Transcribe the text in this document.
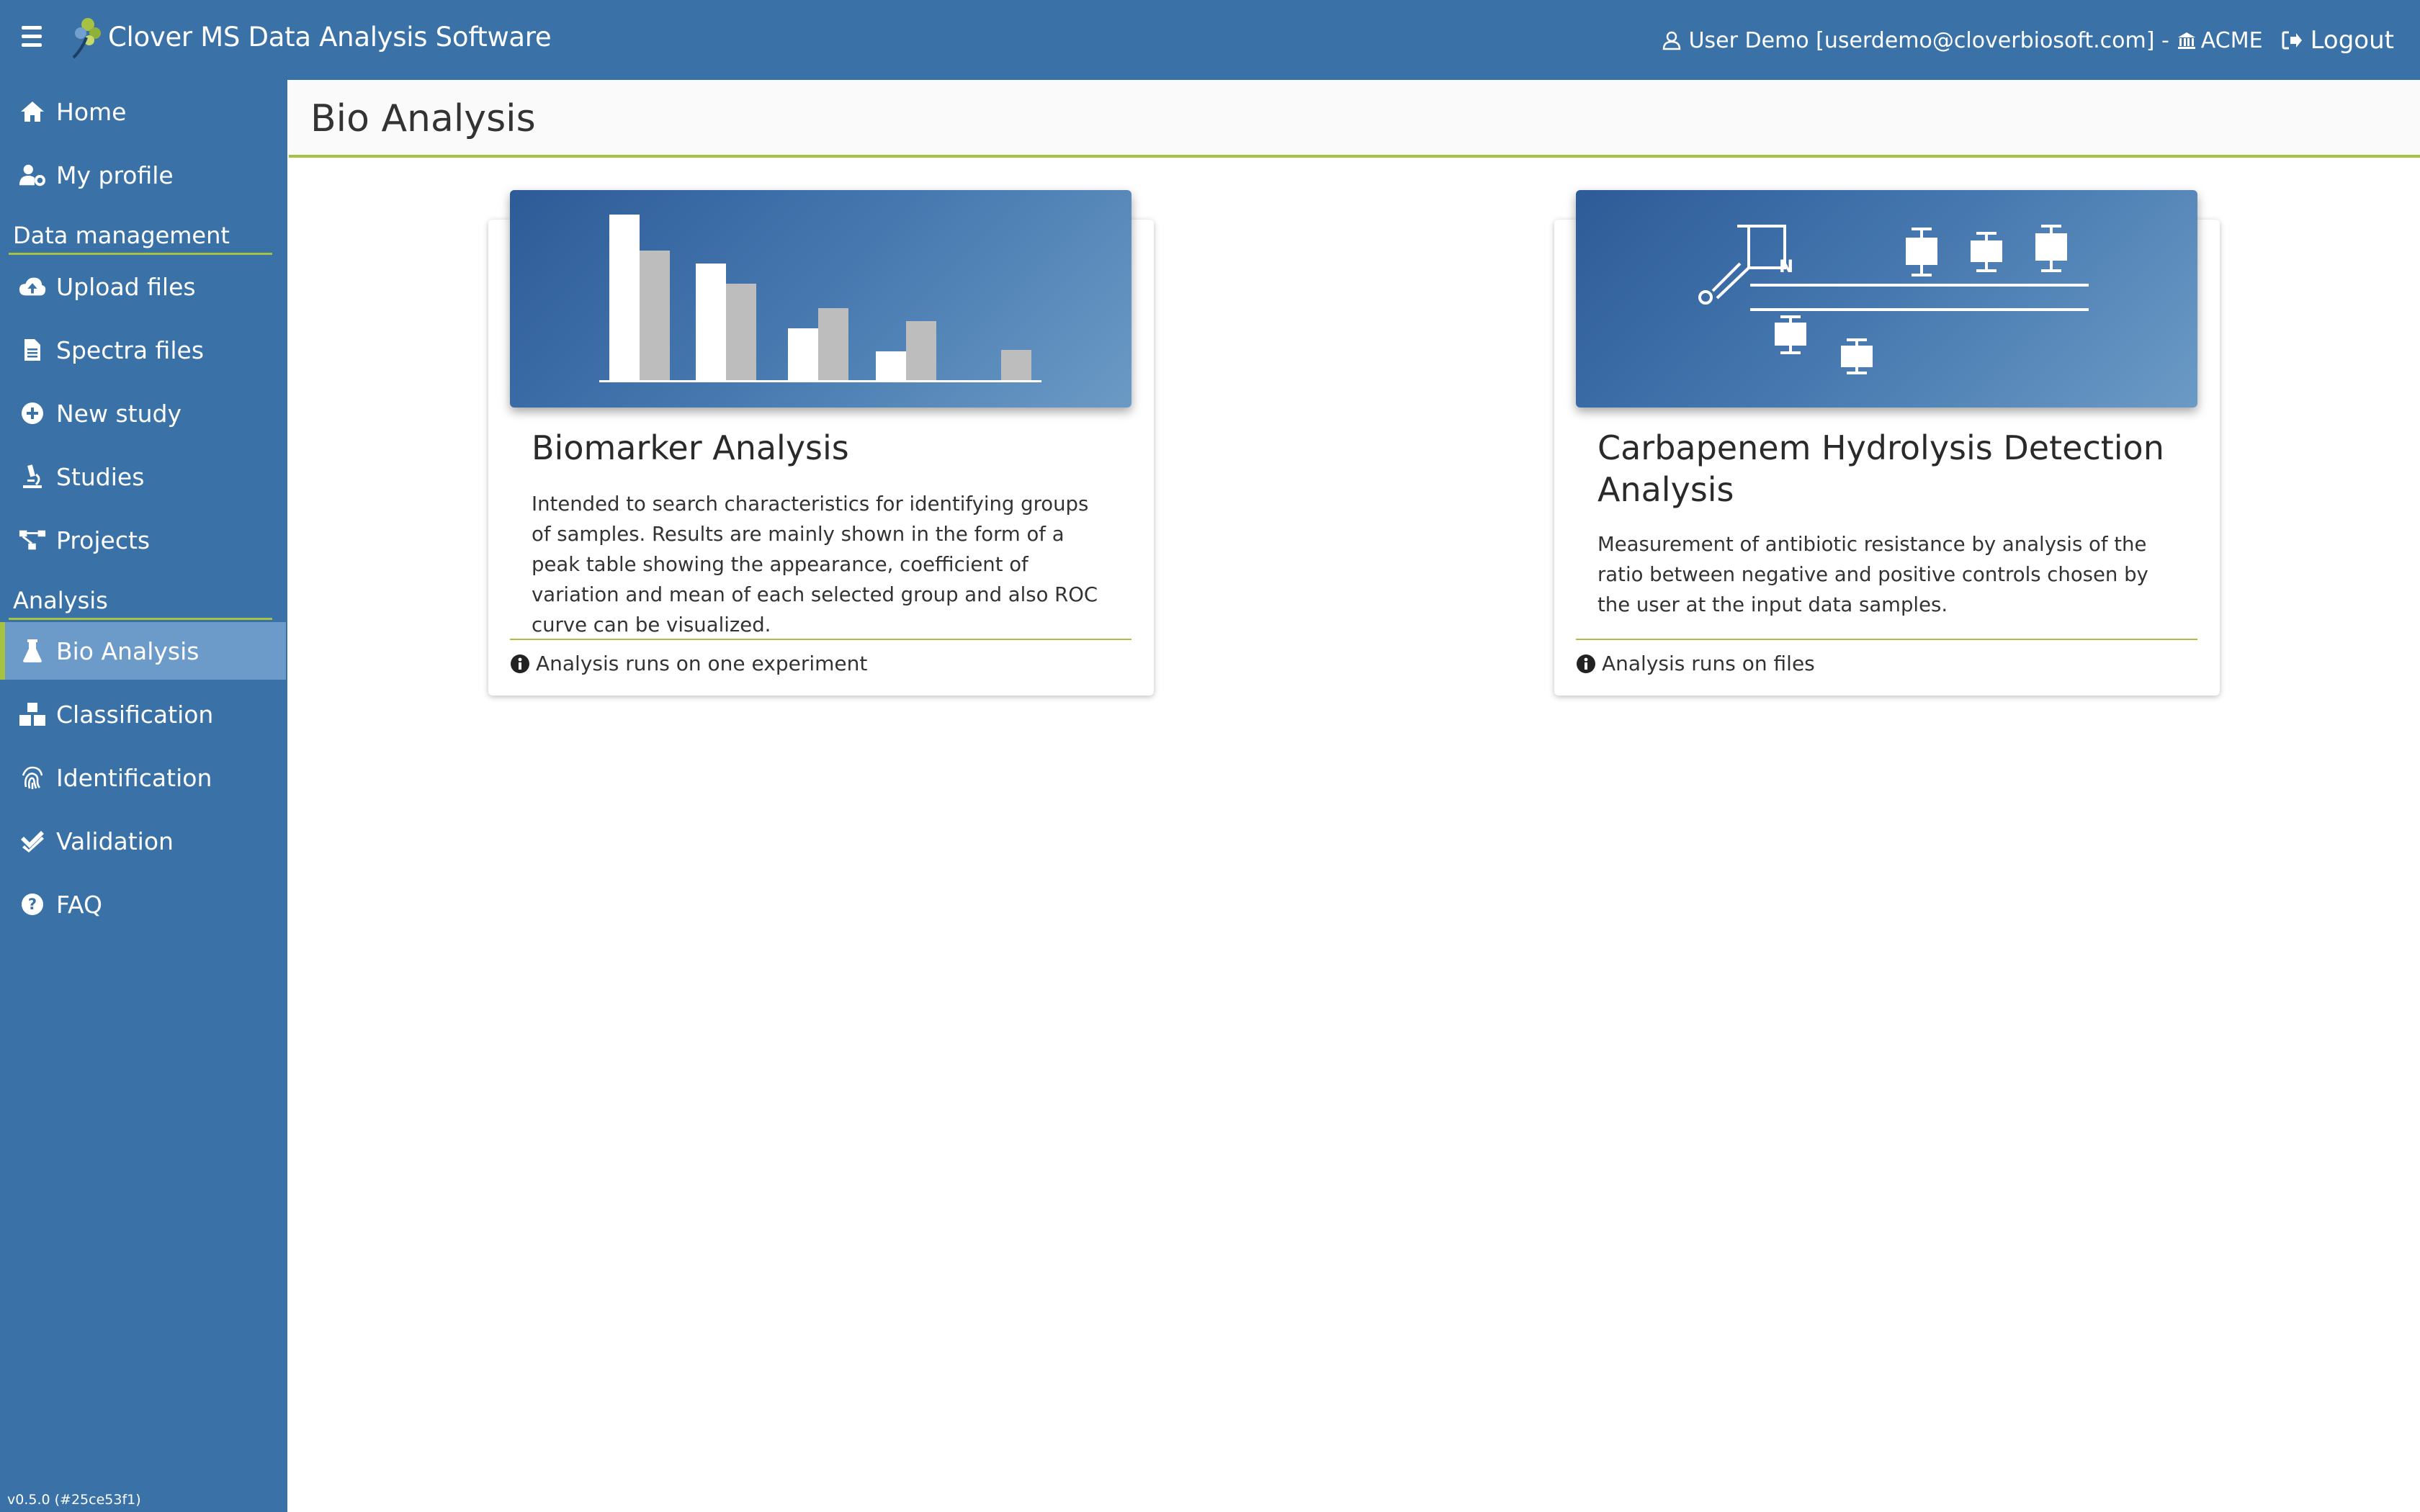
Clover MS Data Analysis Software	User Demo [userdemo@cloverbiosoft.com] - ACME Logout
Home
My profile
Data management
Upload files
Spectra files
New study
Studies
Projects
Analysis
Bio Analysis
Classification
Identification
Validation
? FAQ
v0.5.0 (#25ce53f1)
Bio Analysis
Biomarker Analysis
Intended to search characteristics for identifying groups of samples. Results are mainly shown in the form of a peak table showing the appearance, coefficient of variation and mean of each selected group and also ROC curve can be visualized.
Analysis runs on one experiment
N
Carbapenem Hydrolysis Detection Analysis
Measurement of antibiotic resistance by analysis of the ratio between negative and positive controls chosen by the user at the input data samples.
Analysis runs on files
